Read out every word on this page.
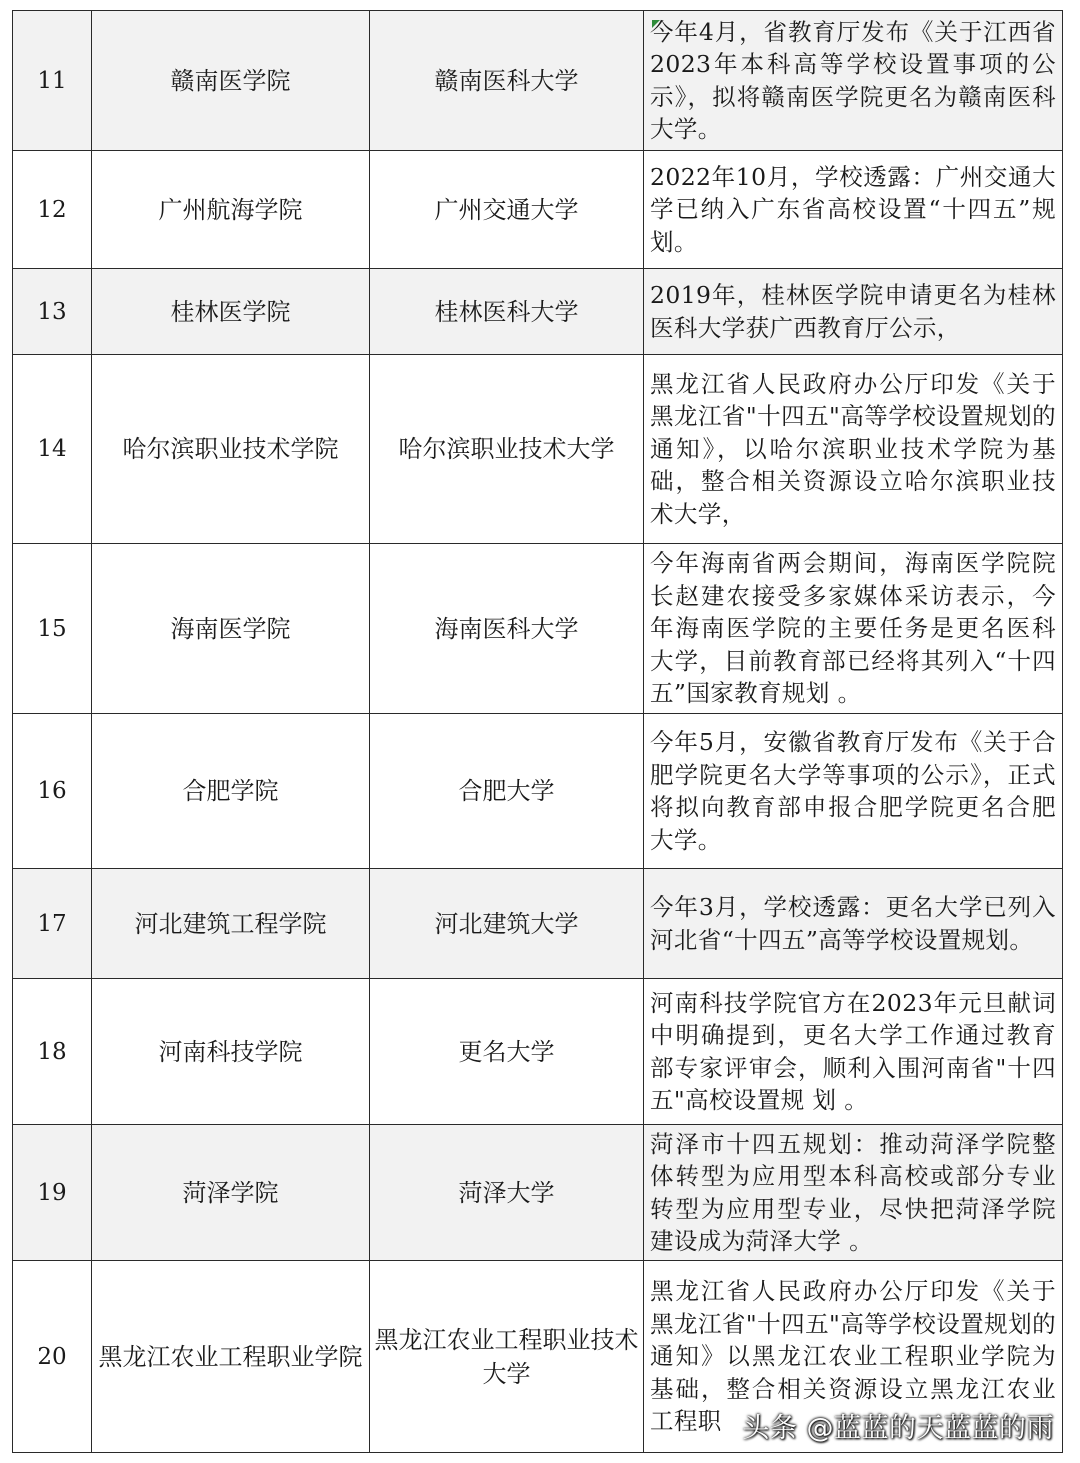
11	赣南医学院	赣南医科大学	今年4月，省教育厅发布《关于江西省2023年本科高等学校设置事项的公示》，拟将赣南医学院更名为赣南医科大学。
12	广州航海学院	广州交通大学	2022年10月，学校透露：广州交通大学已纳入广东省高校设置“十四五”规划。
13	桂林医学院	桂林医科大学	2019年，桂林医学院申请更名为桂林医科大学获广西教育厅公示，
14	哈尔滨职业技术学院	哈尔滨职业技术大学	黑龙江省人民政府办公厅印发《关于黑龙江省"十四五"高等学校设置规划的通知》，以哈尔滨职业技术学院为基础，整合相关资源设立哈尔滨职业技术大学，
15	海南医学院	海南医科大学	今年海南省两会期间，海南医学院院长赵建农接受多家媒体采访表示，今年海南医学院的主要任务是更名医科大学，目前教育部已经将其列入“十四五”国家教育规划 。
16	合肥学院	合肥大学	今年5月，安徽省教育厅发布《关于合肥学院更名大学等事项的公示》，正式将拟向教育部申报合肥学院更名合肥大学。
17	河北建筑工程学院	河北建筑大学	今年3月，学校透露：更名大学已列入河北省“十四五”高等学校设置规划。
18	河南科技学院	更名大学	河南科技学院官方在2023年元旦献词中明确提到，更名大学工作通过教育部专家评审会，顺利入围河南省"十四五"高校设置规 划 。
19	菏泽学院	菏泽大学	菏泽市十四五规划：推动菏泽学院整体转型为应用型本科高校或部分专业转型为应用型专业，尽快把菏泽学院建设成为菏泽大学 。
20	黑龙江农业工程职业学院	黑龙江农业工程职业技术大学	黑龙江省人民政府办公厅印发《关于黑龙江省"十四五"高等学校设置规划的通知》以黑龙江农业工程职业学院为基础，整合相关资源设立黑龙江农业工程职 头条 @蓝蓝的天蓝蓝的雨
